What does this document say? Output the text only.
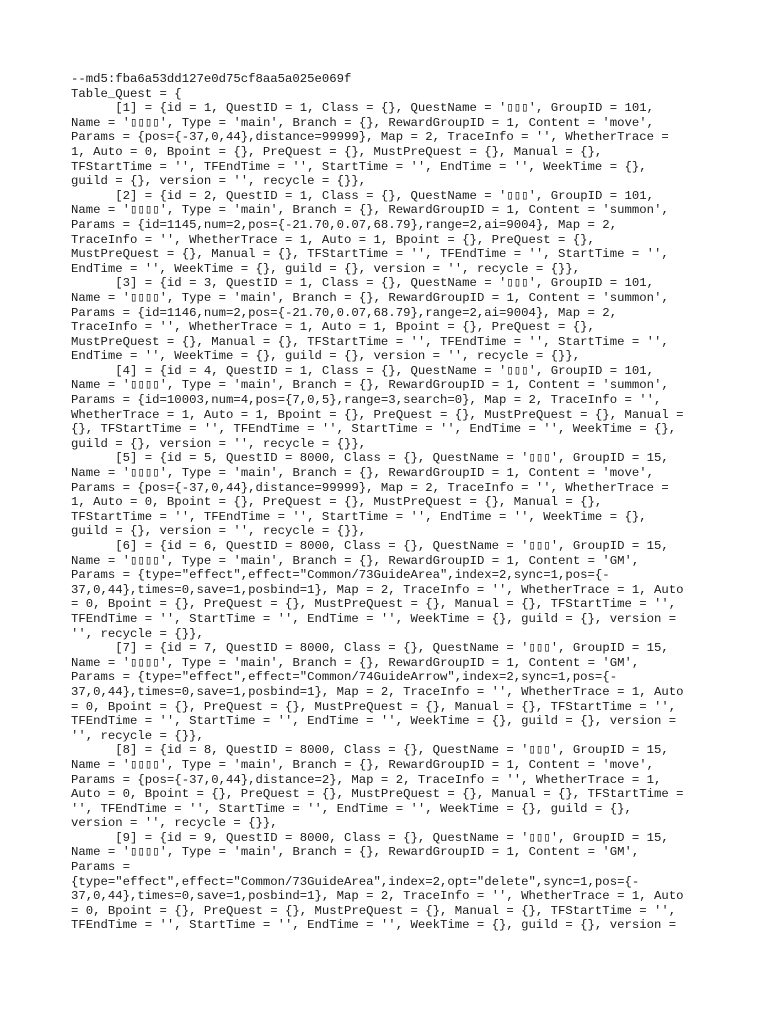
--md5:fba6a53dd127e0d75cf8aa5a025e069f
Table_Quest = {
[1] = {id = 1, QuestID = 1, Class = {}, QuestName = '▯▯▯', GroupID = 101,
Name = '▯▯▯▯', Type = 'main', Branch = {}, RewardGroupID = 1, Content = 'move',
Params = {pos={-37,0,44},distance=99999}, Map = 2, TraceInfo = '', WhetherTrace =
1, Auto = 0, Bpoint = {}, PreQuest = {}, MustPreQuest = {}, Manual = {},
TFStartTime = '', TFEndTime = '', StartTime = '', EndTime = '', WeekTime = {},
guild = {}, version = '', recycle = {}},
[2] = {id = 2, QuestID = 1, Class = {}, QuestName = '▯▯▯', GroupID = 101,
Name = '▯▯▯▯', Type = 'main', Branch = {}, RewardGroupID = 1, Content = 'summon',
Params = {id=1145,num=2,pos={-21.70,0.07,68.79},range=2,ai=9004}, Map = 2,
TraceInfo = '', WhetherTrace = 1, Auto = 1, Bpoint = {}, PreQuest = {},
MustPreQuest = {}, Manual = {}, TFStartTime = '', TFEndTime = '', StartTime = '',
EndTime = '', WeekTime = {}, guild = {}, version = '', recycle = {}},
[3] = {id = 3, QuestID = 1, Class = {}, QuestName = '▯▯▯', GroupID = 101,
Name = '▯▯▯▯', Type = 'main', Branch = {}, RewardGroupID = 1, Content = 'summon',
Params = {id=1146,num=2,pos={-21.70,0.07,68.79},range=2,ai=9004}, Map = 2,
TraceInfo = '', WhetherTrace = 1, Auto = 1, Bpoint = {}, PreQuest = {},
MustPreQuest = {}, Manual = {}, TFStartTime = '', TFEndTime = '', StartTime = '',
EndTime = '', WeekTime = {}, guild = {}, version = '', recycle = {}},
[4] = {id = 4, QuestID = 1, Class = {}, QuestName = '▯▯▯', GroupID = 101,
Name = '▯▯▯▯', Type = 'main', Branch = {}, RewardGroupID = 1, Content = 'summon',
Params = {id=10003,num=4,pos={7,0,5},range=3,search=0}, Map = 2, TraceInfo = '',
WhetherTrace = 1, Auto = 1, Bpoint = {}, PreQuest = {}, MustPreQuest = {}, Manual =
{}, TFStartTime = '', TFEndTime = '', StartTime = '', EndTime = '', WeekTime = {},
guild = {}, version = '', recycle = {}},
[5] = {id = 5, QuestID = 8000, Class = {}, QuestName = '▯▯▯', GroupID = 15,
Name = '▯▯▯▯', Type = 'main', Branch = {}, RewardGroupID = 1, Content = 'move',
Params = {pos={-37,0,44},distance=99999}, Map = 2, TraceInfo = '', WhetherTrace =
1, Auto = 0, Bpoint = {}, PreQuest = {}, MustPreQuest = {}, Manual = {},
TFStartTime = '', TFEndTime = '', StartTime = '', EndTime = '', WeekTime = {},
guild = {}, version = '', recycle = {}},
[6] = {id = 6, QuestID = 8000, Class = {}, QuestName = '▯▯▯', GroupID = 15,
Name = '▯▯▯▯', Type = 'main', Branch = {}, RewardGroupID = 1, Content = 'GM',
Params = {type="effect",effect="Common/73GuideArea",index=2,sync=1,pos={-
37,0,44},times=0,save=1,posbind=1}, Map = 2, TraceInfo = '', WhetherTrace = 1, Auto
= 0, Bpoint = {}, PreQuest = {}, MustPreQuest = {}, Manual = {}, TFStartTime = '',
TFEndTime = '', StartTime = '', EndTime = '', WeekTime = {}, guild = {}, version =
'', recycle = {}},
[7] = {id = 7, QuestID = 8000, Class = {}, QuestName = '▯▯▯', GroupID = 15,
Name = '▯▯▯▯', Type = 'main', Branch = {}, RewardGroupID = 1, Content = 'GM',
Params = {type="effect",effect="Common/74GuideArrow",index=2,sync=1,pos={-
37,0,44},times=0,save=1,posbind=1}, Map = 2, TraceInfo = '', WhetherTrace = 1, Auto
= 0, Bpoint = {}, PreQuest = {}, MustPreQuest = {}, Manual = {}, TFStartTime = '',
TFEndTime = '', StartTime = '', EndTime = '', WeekTime = {}, guild = {}, version =
'', recycle = {}},
[8] = {id = 8, QuestID = 8000, Class = {}, QuestName = '▯▯▯', GroupID = 15,
Name = '▯▯▯▯', Type = 'main', Branch = {}, RewardGroupID = 1, Content = 'move',
Params = {pos={-37,0,44},distance=2}, Map = 2, TraceInfo = '', WhetherTrace = 1,
Auto = 0, Bpoint = {}, PreQuest = {}, MustPreQuest = {}, Manual = {}, TFStartTime =
'', TFEndTime = '', StartTime = '', EndTime = '', WeekTime = {}, guild = {},
version = '', recycle = {}},
[9] = {id = 9, QuestID = 8000, Class = {}, QuestName = '▯▯▯', GroupID = 15,
Name = '▯▯▯▯', Type = 'main', Branch = {}, RewardGroupID = 1, Content = 'GM',
Params =
{type="effect",effect="Common/73GuideArea",index=2,opt="delete",sync=1,pos={-
37,0,44},times=0,save=1,posbind=1}, Map = 2, TraceInfo = '', WhetherTrace = 1, Auto
= 0, Bpoint = {}, PreQuest = {}, MustPreQuest = {}, Manual = {}, TFStartTime = '',
TFEndTime = '', StartTime = '', EndTime = '', WeekTime = {}, guild = {}, version =
